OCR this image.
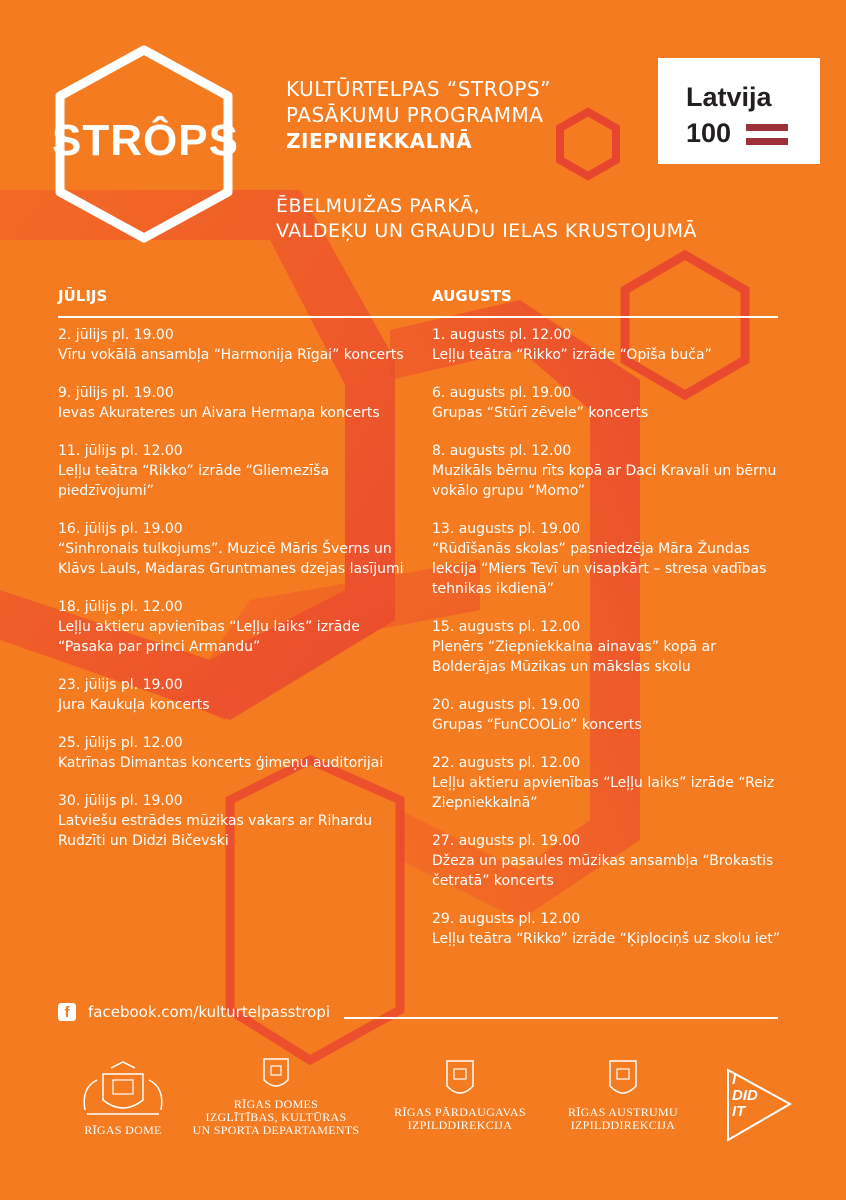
STRÔPS
KULTŪRTELPAS “STROPS”
PASĀKUMU PROGRAMMA
ZIEPNIEKKALNĀ
Latvija
100
ĒBELMUIŽAS PARKĀ,
VALDEĶU UN GRAUDU IELAS KRUSTOJUMĀ
JŪLIJS	AUGUSTS
2. jūlijs pl. 19.00
Vīru vokālā ansambļa “Harmonija Rīgai” koncerts
9. jūlijs pl. 19.00
Ievas Akurateres un Aivara Hermaņa koncerts
11. jūlijs pl. 12.00
Leļļu teātra “Rikko” izrāde “Gliemezīša piedzīvojumi”
16. jūlijs pl. 19.00
“Sinhronais tulkojums”. Muzicē Māris Šverns un Klāvs Lauls, Madaras Gruntmanes dzejas lasījumi
18. jūlijs pl. 12.00
Leļļu aktieru apvienības “Leļļu laiks” izrāde “Pasaka par princi Armandu”
23. jūlijs pl. 19.00
Jura Kaukuļa koncerts
25. jūlijs pl. 12.00
Katrīnas Dimantas koncerts ģimeņu auditorijai
30. jūlijs pl. 19.00
Latviešu estrādes mūzikas vakars ar Rihardu Rudzīti un Didzi Bičevski
1. augusts pl. 12.00
Leļļu teātra “Rikko” izrāde “Opīša buča”
6. augusts pl. 19.00
Grupas “Stūrī zēvele” koncerts
8. augusts pl. 12.00
Muzikāls bērnu rīts kopā ar Daci Kravali un bērnu vokālo grupu “Momo”
13. augusts pl. 19.00
“Rūdīšanās skolas” pasniedzēja Māra Žundas lekcija “Miers Tevī un visapkārt – stresa vadības tehnikas ikdienā”
15. augusts pl. 12.00
Plenērs “Ziepniekkalna ainavas” kopā ar Bolderājas Mūzikas un mākslas skolu
20. augusts pl. 19.00
Grupas “FunCOOLio” koncerts
22. augusts pl. 12.00
Leļļu aktieru apvienības “Leļļu laiks” izrāde “Reiz Ziepniekkalnā”
27. augusts pl. 19.00
Džeza un pasaules mūzikas ansambļa “Brokastis četratā” koncerts
29. augusts pl. 12.00
Leļļu teātra “Rikko” izrāde “Ķiplociņš uz skolu iet”
f	facebook.com/kulturtelpasstropi
RĪGAS DOME
RĪGAS DOMES
IZGLĪTĪBAS, KULTŪRAS
UN SPORTA DEPARTAMENTS
RĪGAS PĀRDAUGAVAS
IZPILDDIREKCIJA
RĪGAS AUSTRUMU
IZPILDDIREKCIJA
I
DID
IT
